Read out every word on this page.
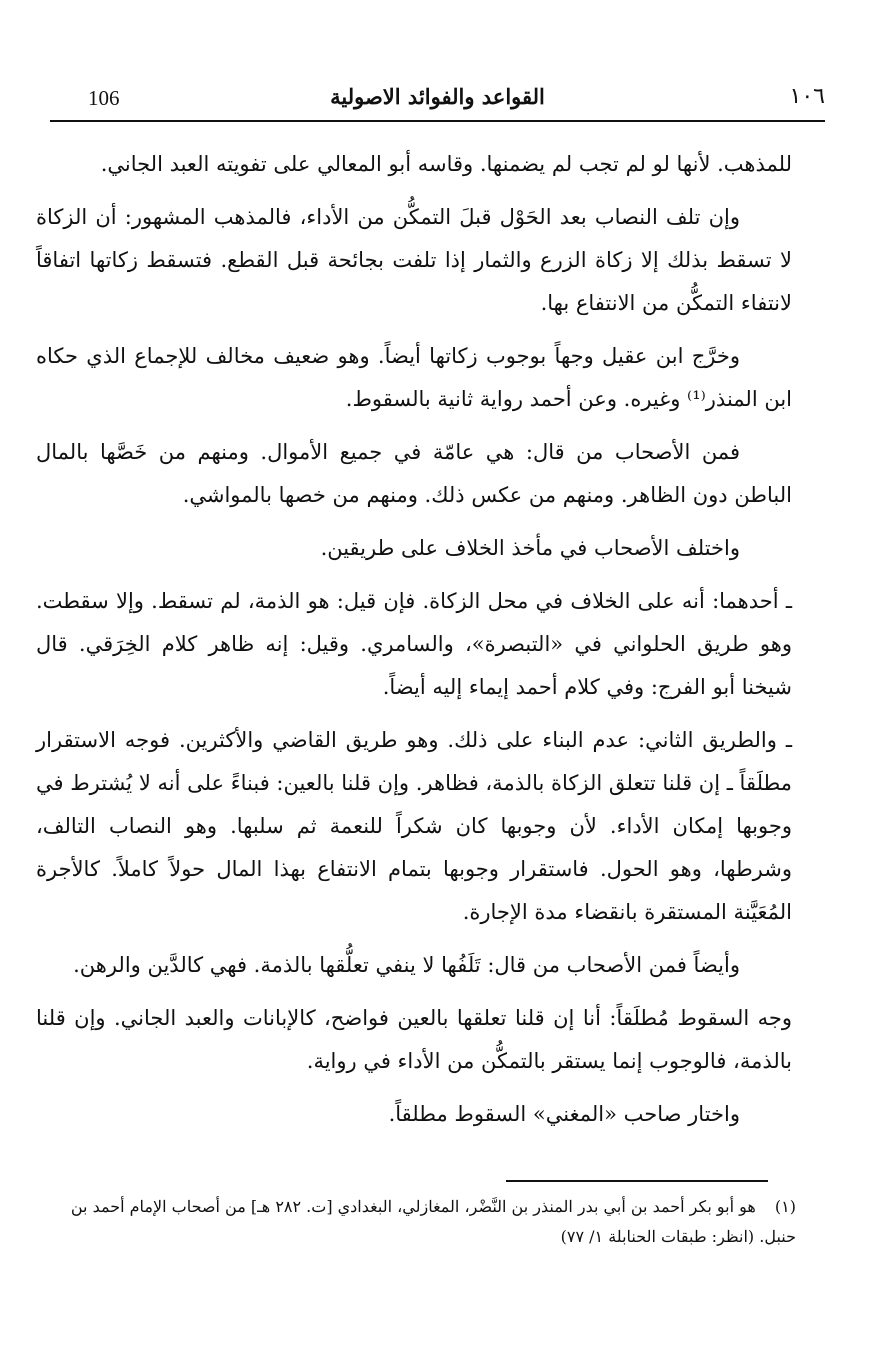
106	القواعد والفوائد الاصولية	١٠٦

للمذهب. لأنها لو لم تجب لم يضمنها. وقاسه أبو المعالي على تفويته العبد الجاني.

وإن تلف النصاب بعد الحَوْل قبلَ التمكُّن من الأداء، فالمذهب المشهور: أن الزكاة لا تسقط بذلك إلا زكاة الزرع والثمار إذا تلفت بجائحة قبل القطع. فتسقط زكاتها اتفاقاً لانتفاء التمكُّن من الانتفاع بها.

وخرَّج ابن عقيل وجهاً بوجوب زكاتها أيضاً. وهو ضعيف مخالف للإجماع الذي حكاه ابن المنذر⁽¹⁾ وغيره. وعن أحمد رواية ثانية بالسقوط.

فمن الأصحاب من قال: هي عامّة في جميع الأموال. ومنهم من خَصَّها بالمال الباطن دون الظاهر. ومنهم من عكس ذلك. ومنهم من خصها بالمواشي.

واختلف الأصحاب في مأخذ الخلاف على طريقين.

ـ أحدهما: أنه على الخلاف في محل الزكاة. فإن قيل: هو الذمة، لم تسقط. وإلا سقطت. وهو طريق الحلواني في «التبصرة»، والسامري. وقيل: إنه ظاهر كلام الخِرَقي. قال شيخنا أبو الفرج: وفي كلام أحمد إيماء إليه أيضاً.

ـ والطريق الثاني: عدم البناء على ذلك. وهو طريق القاضي والأكثرين. فوجه الاستقرار مطلَقاً ـ إن قلنا تتعلق الزكاة بالذمة، فظاهر. وإن قلنا بالعين: فبناءً على أنه لا يُشترط في وجوبها إمكان الأداء. لأن وجوبها كان شكراً للنعمة ثم سلبها. وهو النصاب التالف، وشرطها، وهو الحول. فاستقرار وجوبها بتمام الانتفاع بهذا المال حولاً كاملاً. كالأجرة المُعَيَّنة المستقرة بانقضاء مدة الإجارة.

وأيضاً فمن الأصحاب من قال: تَلَفُها لا ينفي تعلُّقها بالذمة. فهي كالدَّين والرهن.

وجه السقوط مُطلَقاً: أنا إن قلنا تعلقها بالعين فواضح، كالإبانات والعبد الجاني. وإن قلنا بالذمة، فالوجوب إنما يستقر بالتمكُّن من الأداء في رواية.

واختار صاحب «المغني» السقوط مطلقاً.

(١) هو أبو بكر أحمد بن أبي بدر المنذر بن النَّضْر، المغازلي، البغدادي [ت. ٢٨٢ هـ] من أصحاب الإمام أحمد بن حنبل. (انظر: طبقات الحنابلة ١/ ٧٧)
